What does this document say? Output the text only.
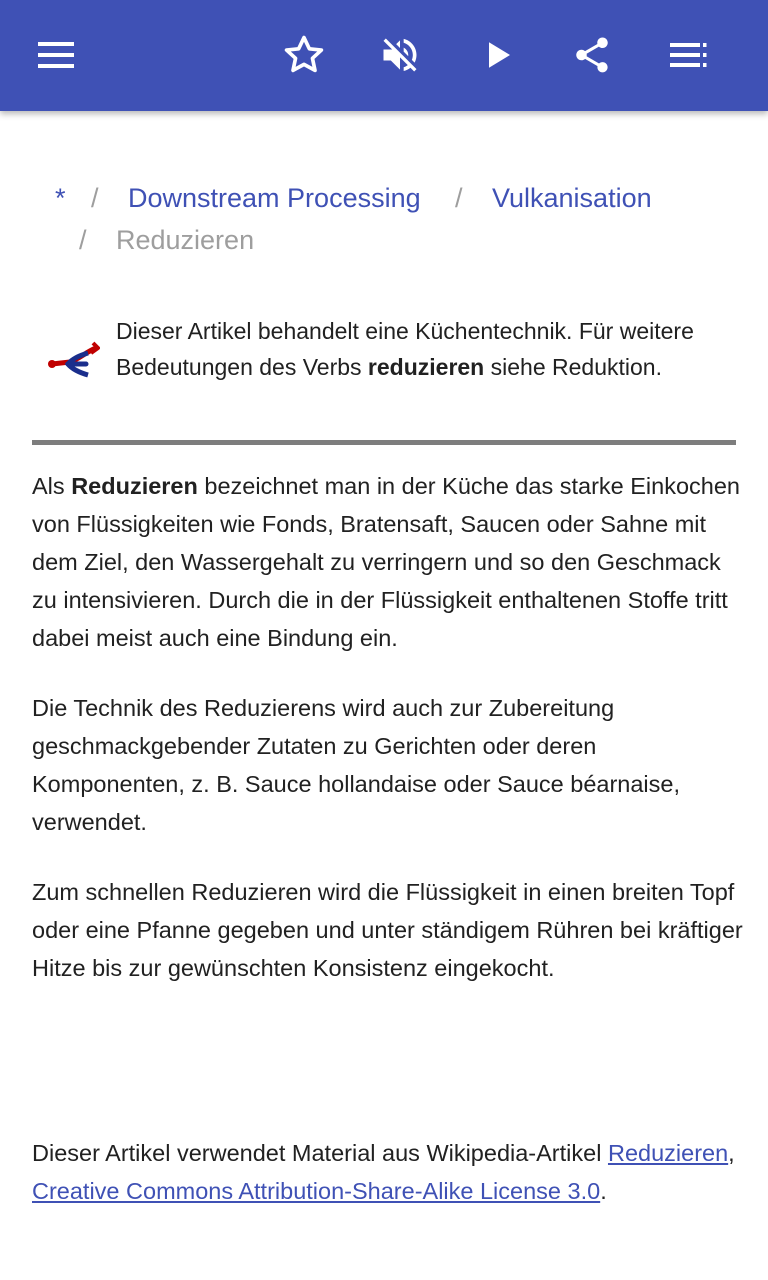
* / Downstream Processing / Vulkanisation
/ Reduzieren
Dieser Artikel behandelt eine Küchentechnik. Für weitere Bedeutungen des Verbs reduzieren siehe Reduktion.

Als Reduzieren bezeichnet man in der Küche das starke Einkochen von Flüssigkeiten wie Fonds, Bratensaft, Saucen oder Sahne mit dem Ziel, den Wassergehalt zu verringern und so den Geschmack zu intensivieren. Durch die in der Flüssigkeit enthaltenen Stoffe tritt dabei meist auch eine Bindung ein.

Die Technik des Reduzierens wird auch zur Zubereitung geschmackgebender Zutaten zu Gerichten oder deren Komponenten, z. B. Sauce hollandaise oder Sauce béarnaise, verwendet.

Zum schnellen Reduzieren wird die Flüssigkeit in einen breiten Topf oder eine Pfanne gegeben und unter ständigem Rühren bei kräftiger Hitze bis zur gewünschten Konsistenz eingekocht.

Dieser Artikel verwendet Material aus Wikipedia-Artikel Reduzieren, Creative Commons Attribution-Share-Alike License 3.0.
